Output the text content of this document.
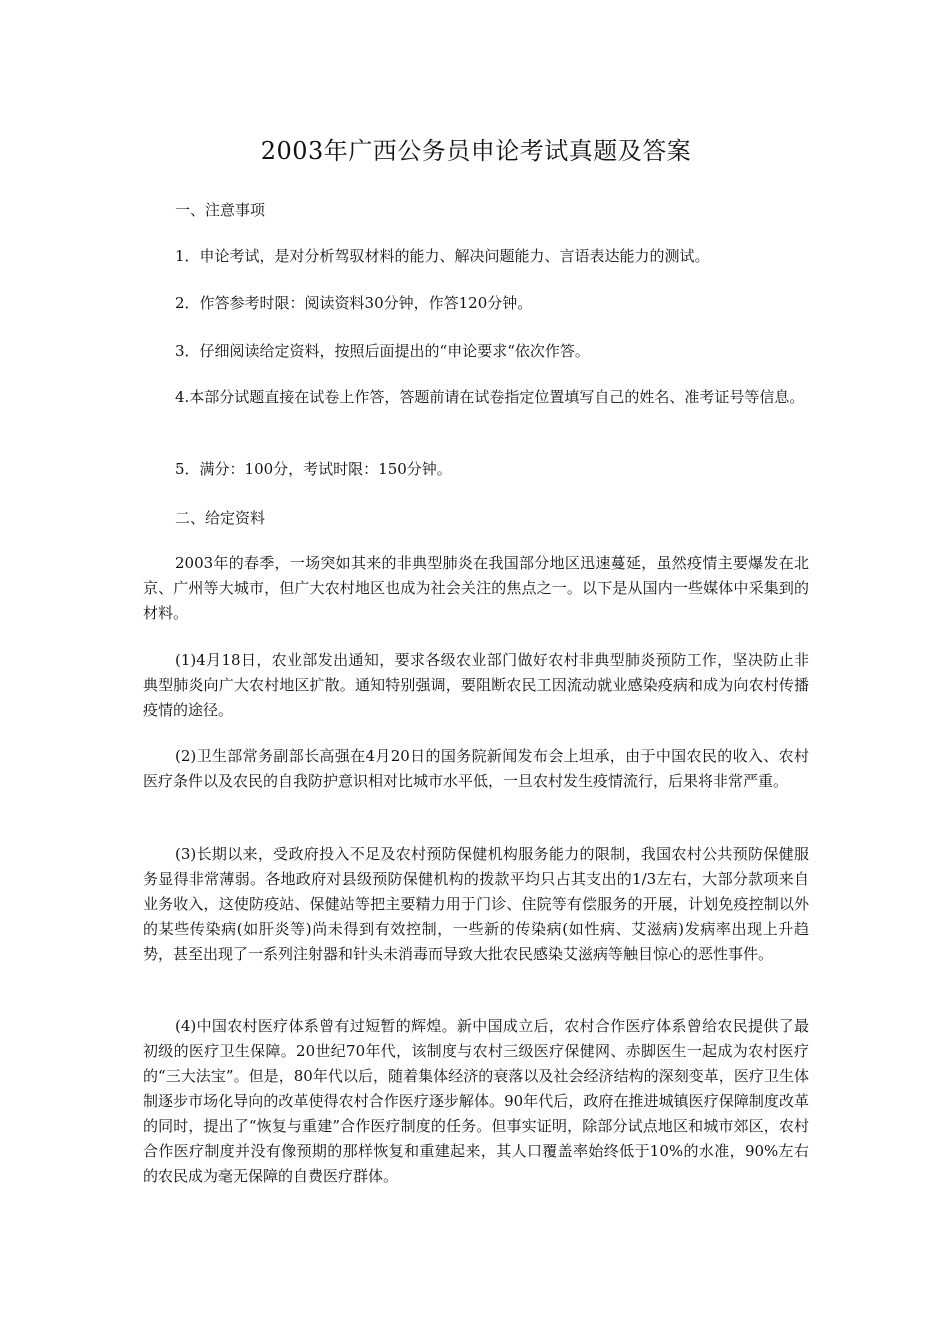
2003年广西公务员申论考试真题及答案

一、注意事项

1．申论考试，是对分析驾驭材料的能力、解决问题能力、言语表达能力的测试。

2．作答参考时限：阅读资料30分钟，作答120分钟。

3．仔细阅读给定资料，按照后面提出的“申论要求“依次作答。

4.本部分试题直接在试卷上作答，答题前请在试卷指定位置填写自己的姓名、准考证号等信息。

5．满分：100分，考试时限：150分钟。

二、给定资料

2003年的春季，一场突如其来的非典型肺炎在我国部分地区迅速蔓延，虽然疫情主要爆发在北京、广州等大城市，但广大农村地区也成为社会关注的焦点之一。以下是从国内一些媒体中采集到的材料。

(1)4月18日，农业部发出通知，要求各级农业部门做好农村非典型肺炎预防工作，坚决防止非典型肺炎向广大农村地区扩散。通知特别强调，要阻断农民工因流动就业感染疫病和成为向农村传播疫情的途径。

(2)卫生部常务副部长高强在4月20日的国务院新闻发布会上坦承，由于中国农民的收入、农村医疗条件以及农民的自我防护意识相对比城市水平低，一旦农村发生疫情流行，后果将非常严重。

(3)长期以来，受政府投入不足及农村预防保健机构服务能力的限制，我国农村公共预防保健服务显得非常薄弱。各地政府对县级预防保健机构的拨款平均只占其支出的1/3左右，大部分款项来自业务收入，这使防疫站、保健站等把主要精力用于门诊、住院等有偿服务的开展，计划免疫控制以外的某些传染病(如肝炎等)尚未得到有效控制，一些新的传染病(如性病、艾滋病)发病率出现上升趋势，甚至出现了一系列注射器和针头未消毒而导致大批农民感染艾滋病等触目惊心的恶性事件。

(4)中国农村医疗体系曾有过短暂的辉煌。新中国成立后，农村合作医疗体系曾给农民提供了最初级的医疗卫生保障。20世纪70年代，该制度与农村三级医疗保健网、赤脚医生一起成为农村医疗的“三大法宝”。但是，80年代以后，随着集体经济的衰落以及社会经济结构的深刻变革，医疗卫生体制逐步市场化导向的改革使得农村合作医疗逐步解体。90年代后，政府在推进城镇医疗保障制度改革的同时，提出了“恢复与重建”合作医疗制度的任务。但事实证明，除部分试点地区和城市郊区，农村合作医疗制度并没有像预期的那样恢复和重建起来，其人口覆盖率始终低于10%的水准，90%左右的农民成为毫无保障的自费医疗群体。
